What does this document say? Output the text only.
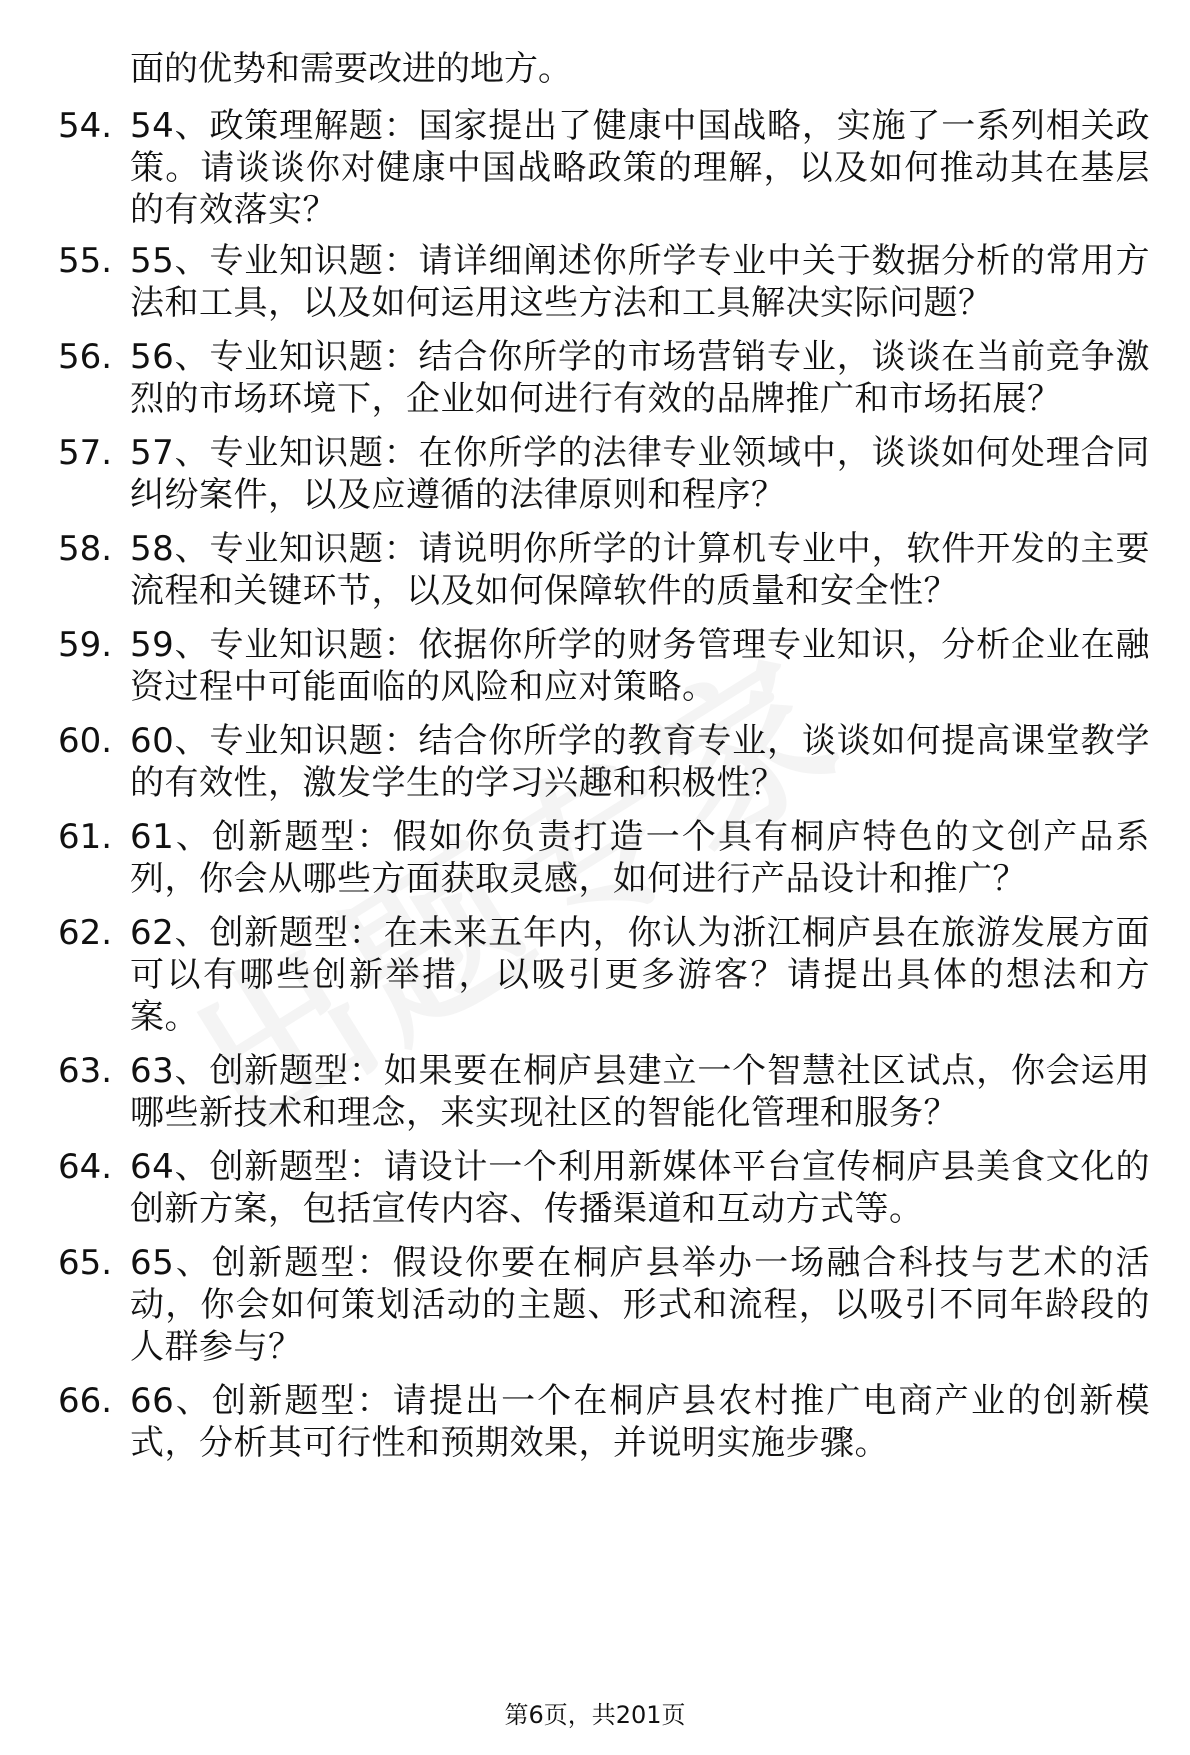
面的优势和需要改进的地方。
54. 54、政策理解题：国家提出了健康中国战略，实施了一系列相关政策。请谈谈你对健康中国战略政策的理解，以及如何推动其在基层的有效落实？
55. 55、专业知识题：请详细阐述你所学专业中关于数据分析的常用方法和工具，以及如何运用这些方法和工具解决实际问题？
56. 56、专业知识题：结合你所学的市场营销专业，谈谈在当前竞争激烈的市场环境下，企业如何进行有效的品牌推广和市场拓展？
57. 57、专业知识题：在你所学的法律专业领域中，谈谈如何处理合同纠纷案件，以及应遵循的法律原则和程序？
58. 58、专业知识题：请说明你所学的计算机专业中，软件开发的主要流程和关键环节，以及如何保障软件的质量和安全性？
59. 59、专业知识题：依据你所学的财务管理专业知识，分析企业在融资过程中可能面临的风险和应对策略。
60. 60、专业知识题：结合你所学的教育专业，谈谈如何提高课堂教学的有效性，激发学生的学习兴趣和积极性？
61. 61、创新题型：假如你负责打造一个具有桐庐特色的文创产品系列，你会从哪些方面获取灵感，如何进行产品设计和推广？
62. 62、创新题型：在未来五年内，你认为浙江桐庐县在旅游发展方面可以有哪些创新举措，以吸引更多游客？请提出具体的想法和方案。
63. 63、创新题型：如果要在桐庐县建立一个智慧社区试点，你会运用哪些新技术和理念，来实现社区的智能化管理和服务？
64. 64、创新题型：请设计一个利用新媒体平台宣传桐庐县美食文化的创新方案，包括宣传内容、传播渠道和互动方式等。
65. 65、创新题型：假设你要在桐庐县举办一场融合科技与艺术的活动，你会如何策划活动的主题、形式和流程，以吸引不同年龄段的人群参与？
66. 66、创新题型：请提出一个在桐庐县农村推广电商产业的创新模式，分析其可行性和预期效果，并说明实施步骤。
第6页，共201页
